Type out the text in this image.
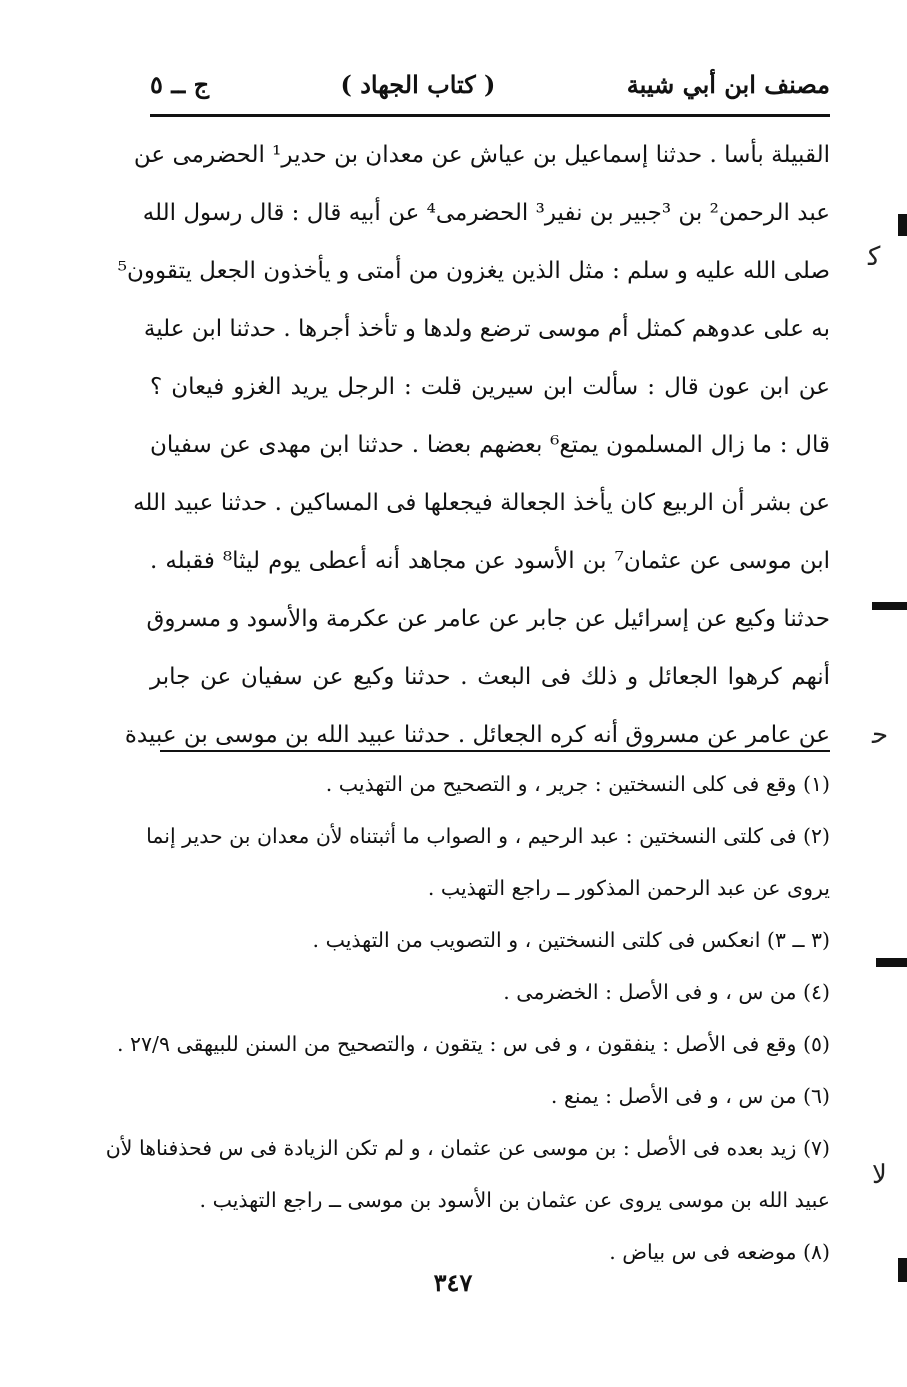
مصنف ابن أبي شيبة
( كتاب الجهاد )
ج ــ ٥
القبيلة بأسا . حدثنا إسماعيل بن عياش عن معدان بن حدير¹ الحضرمى عن
عبد الرحمن² بن ³جبير بن نفير³ الحضرمى⁴ عن أبيه قال : قال رسول الله
صلى الله عليه و سلم : مثل الذين يغزون من أمتى و يأخذون الجعل يتقوون⁵
به على عدوهم كمثل أم موسى ترضع ولدها و تأخذ أجرها . حدثنا ابن علية
عن ابن عون قال : سألت ابن سيرين قلت : الرجل يريد الغزو فيعان ؟
قال : ما زال المسلمون يمتع⁶ بعضهم بعضا . حدثنا ابن مهدى عن سفيان
عن بشر أن الربيع كان يأخذ الجعالة فيجعلها فى المساكين . حدثنا عبيد الله
ابن موسى عن عثمان⁷ بن الأسود عن مجاهد أنه أعطى يوم ليثا⁸ فقبله .
حدثنا وكيع عن إسرائيل عن جابر عن عامر عن عكرمة والأسود و مسروق
أنهم كرهوا الجعائل و ذلك فى البعث . حدثنا وكيع عن سفيان عن جابر
عن عامر عن مسروق أنه كره الجعائل . حدثنا عبيد الله بن موسى بن عبيدة
(١) وقع فى كلى النسختين : جرير ، و التصحيح من التهذيب .
(٢) فى كلتى النسختين : عبد الرحيم ، و الصواب ما أثبتناه لأن معدان بن حدير إنما
يروى عن عبد الرحمن المذكور ــ راجع التهذيب .
(٣ ــ ٣) انعكس فى كلتى النسختين ، و التصويب من التهذيب .
(٤) من س ، و فى الأصل : الخضرمى .
(٥) وقع فى الأصل : ينفقون ، و فى س : يتقون ، والتصحيح من السنن للبيهقى ٢٧/٩ .
(٦) من س ، و فى الأصل : يمنع .
(٧) زيد بعده فى الأصل : بن موسى عن عثمان ، و لم تكن الزيادة فى س فحذفناها لأن
عبيد الله بن موسى يروى عن عثمان بن الأسود بن موسى ــ راجع التهذيب .
(٨) موضعه فى س بياض .
٣٤٧
ﻛ
ﺣ
ﻻ
